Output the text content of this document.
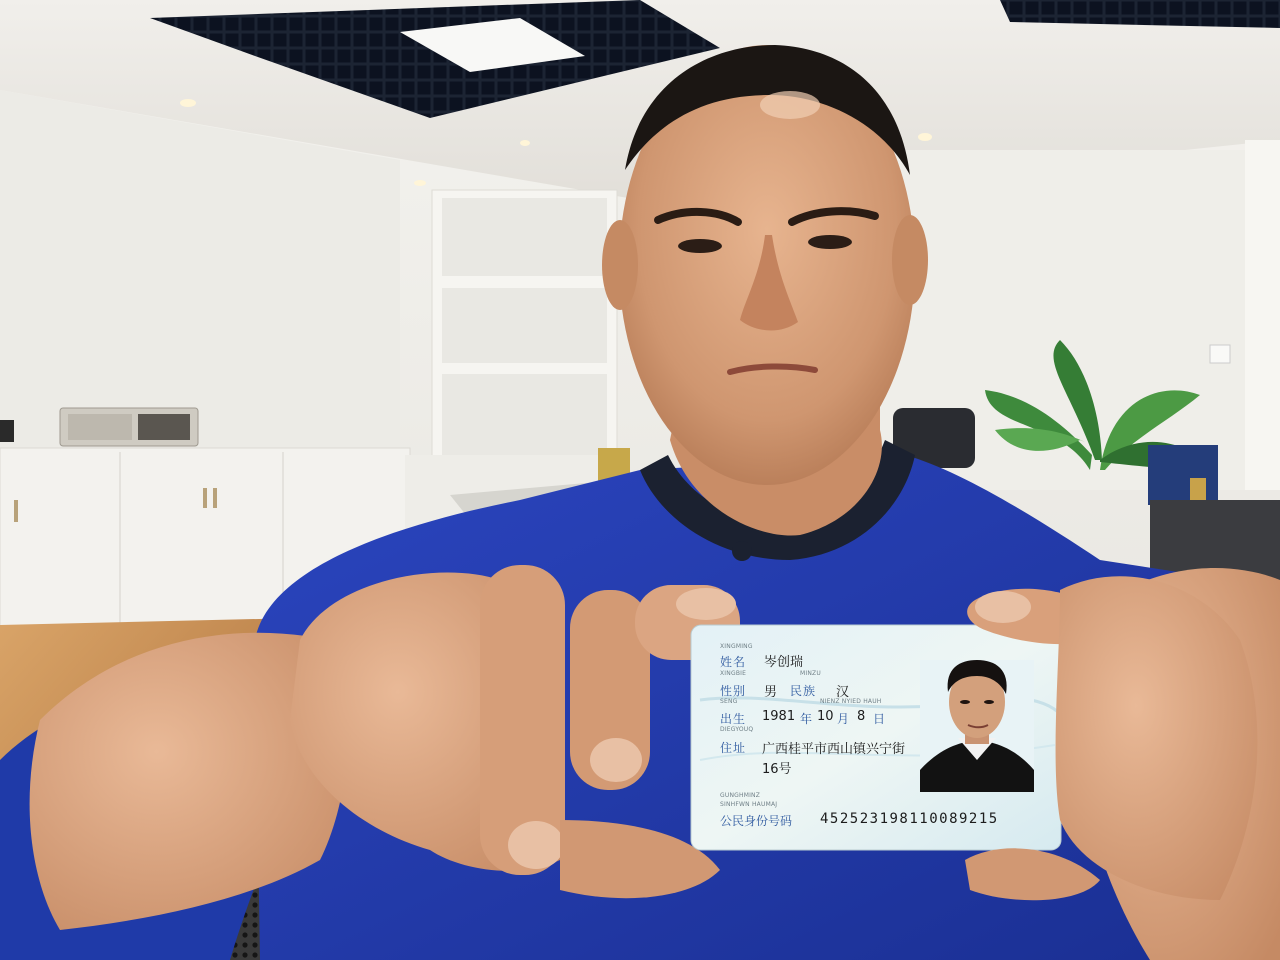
XINGMING
姓名 岑创瑞
XINGBIE	MINZU
性别 男 民族 汉
SENG	NIENZ NYIED HAUH
出生 1981 年 10 月 8 日
DIEGYOUQ
住址 广西桂平市西山镇兴宁街
16号
GUNGHMINZ
SINHFWN HAUMAJ
公民身份号码 452523198110089215
